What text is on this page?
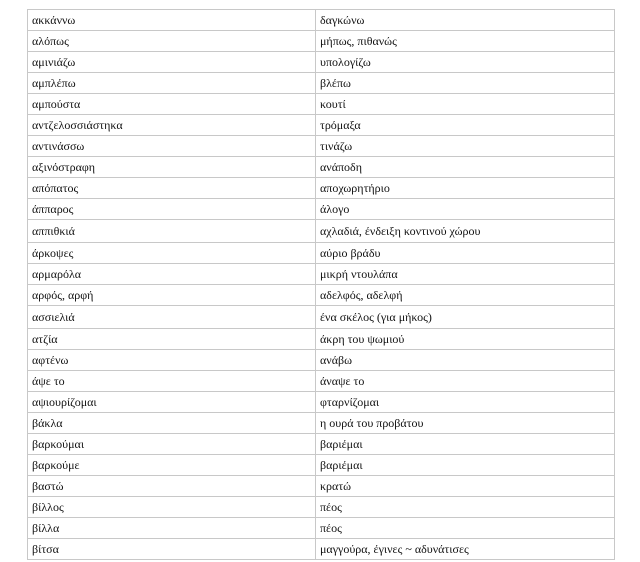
ακκάννω	δαγκώνω
αλόπως	μήπως, πιθανώς
αμινιάζω	υπολογίζω
αμπλέπω	βλέπω
αμπούστα	κουτί
αντζελοσσιάστηκα	τρόμαξα
αντινάσσω	τινάζω
αξινόστραφη	ανάποδη
απόπατος	αποχωρητήριο
άππαρος	άλογο
αππιθκιά	αχλαδιά, ένδειξη κοντινού χώρου
άρκοψες	αύριο βράδυ
αρμαρόλα	μικρή ντουλάπα
αρφός, αρφή	αδελφός, αδελφή
ασσιελιά	ένα σκέλος (για μήκος)
ατζία	άκρη του ψωμιού
αφτένω	ανάβω
άψε το	άναψε το
αψιουρίζομαι	φταρνίζομαι
βάκλα	η ουρά του προβάτου
βαρκούμαι	βαριέμαι
βαρκούμε	βαριέμαι
βαστώ	κρατώ
βίλλος	πέος
βίλλα	πέος
βίτσα	μαγγούρα, έγινες ~ αδυνάτισες
